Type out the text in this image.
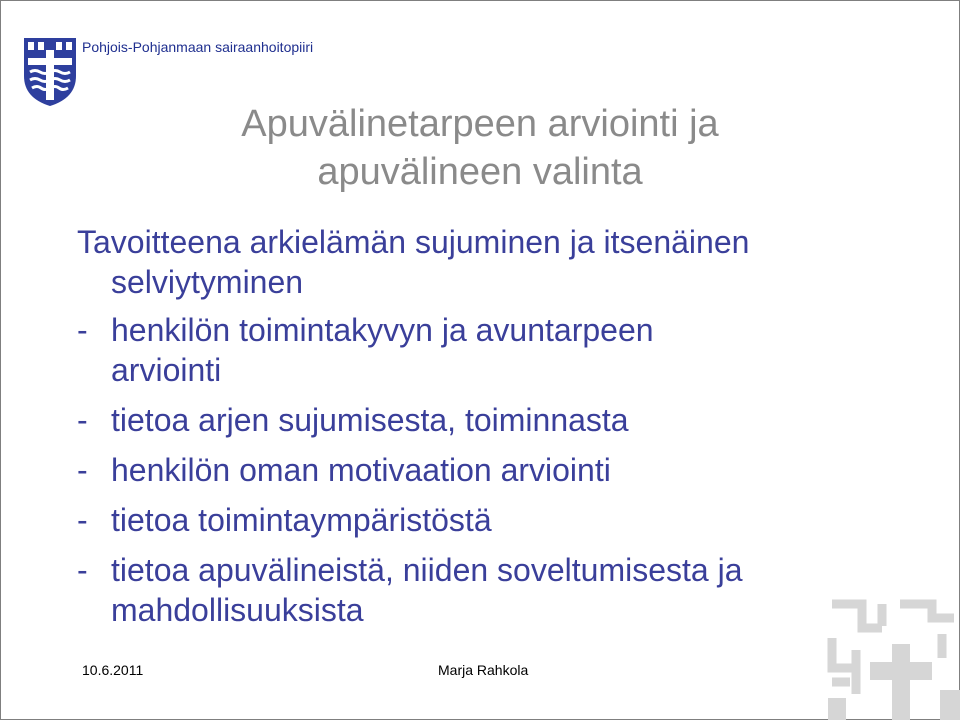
Pohjois-Pohjanmaan sairaanhoitopiiri
Apuvälinetarpeen arviointi ja
apuvälineen valinta
Tavoitteena arkielämän sujuminen ja itsenäinen
selviytyminen
- henkilön toimintakyvyn ja avuntarpeen
arviointi
- tietoa arjen sujumisesta, toiminnasta
- henkilön oman motivaation arviointi
- tietoa toimintaympäristöstä
- tietoa apuvälineistä, niiden soveltumisesta ja
mahdollisuuksista
10.6.2011	Marja Rahkola
